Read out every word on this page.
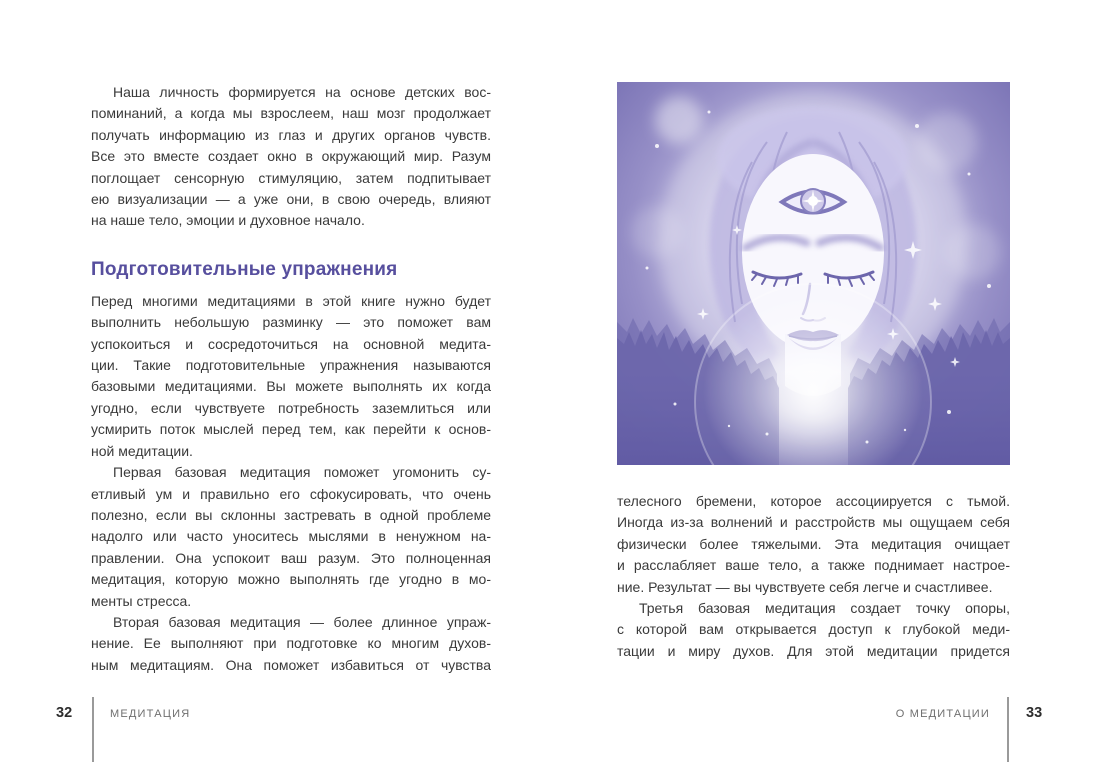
Наша личность формируется на основе детских вос-
поминаний, а когда мы взрослеем, наш мозг продолжает
получать информацию из глаз и других органов чувств.
Все это вместе создает окно в окружающий мир. Разум
поглощает сенсорную стимуляцию, затем подпитывает
ею визуализации — а уже они, в свою очередь, влияют
на наше тело, эмоции и духовное начало.
Подготовительные упражнения
Перед многими медитациями в этой книге нужно будет
выполнить небольшую разминку — это поможет вам
успокоиться и сосредоточиться на основной медита-
ции. Такие подготовительные упражнения называются
базовыми медитациями. Вы можете выполнять их когда
угодно, если чувствуете потребность заземлиться или
усмирить поток мыслей перед тем, как перейти к основ-
ной медитации.
Первая базовая медитация поможет угомонить су-
етливый ум и правильно его сфокусировать, что очень
полезно, если вы склонны застревать в одной проблеме
надолго или часто уноситесь мыслями в ненужном на-
правлении. Она успокоит ваш разум. Это полноценная
медитация, которую можно выполнять где угодно в мо-
менты стресса.
Вторая базовая медитация — более длинное упраж-
нение. Ее выполняют при подготовке ко многим духов-
ным медитациям. Она поможет избавиться от чувства
телесного бремени, которое ассоциируется с тьмой.
Иногда из-за волнений и расстройств мы ощущаем себя
физически более тяжелыми. Эта медитация очищает
и расслабляет ваше тело, а также поднимает настрое-
ние. Результат — вы чувствуете себя легче и счастливее.
Третья базовая медитация создает точку опоры,
с которой вам открывается доступ к глубокой меди-
тации и миру духов. Для этой медитации придется
32	МЕДИТАЦИЯ	О МЕДИТАЦИИ 33
